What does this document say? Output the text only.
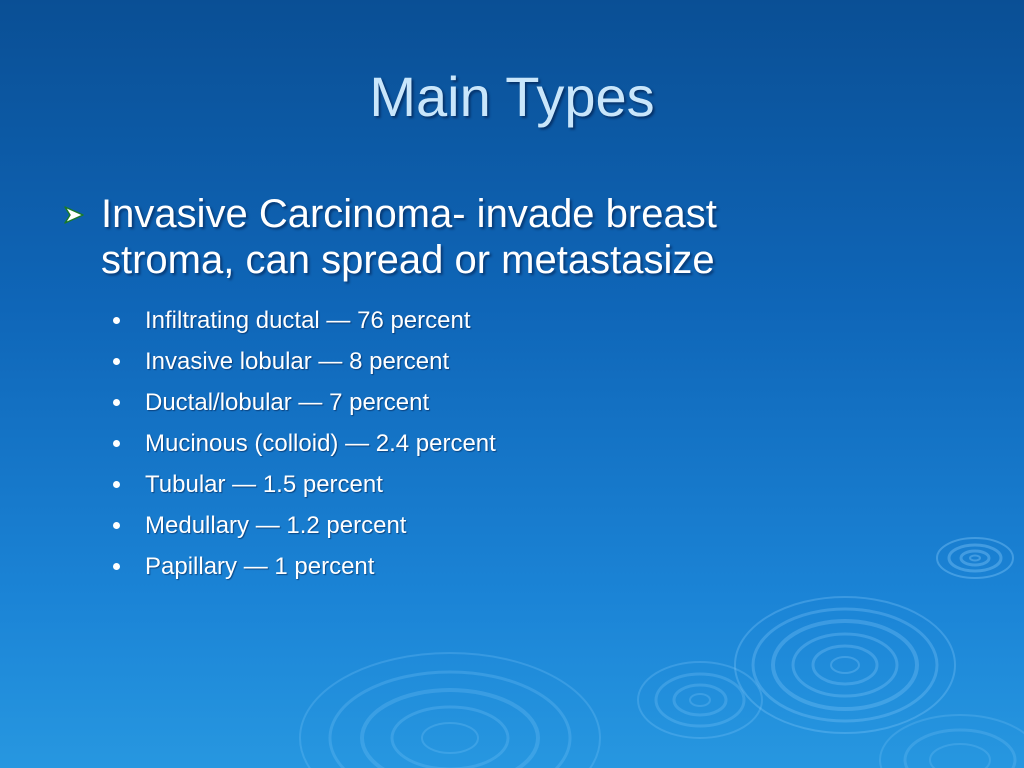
Main Types
Invasive Carcinoma- invade breast stroma, can spread or metastasize
Infiltrating ductal — 76 percent
Invasive lobular — 8 percent
Ductal/lobular — 7 percent
Mucinous (colloid) — 2.4 percent
Tubular — 1.5 percent
Medullary — 1.2 percent
Papillary — 1 percent
